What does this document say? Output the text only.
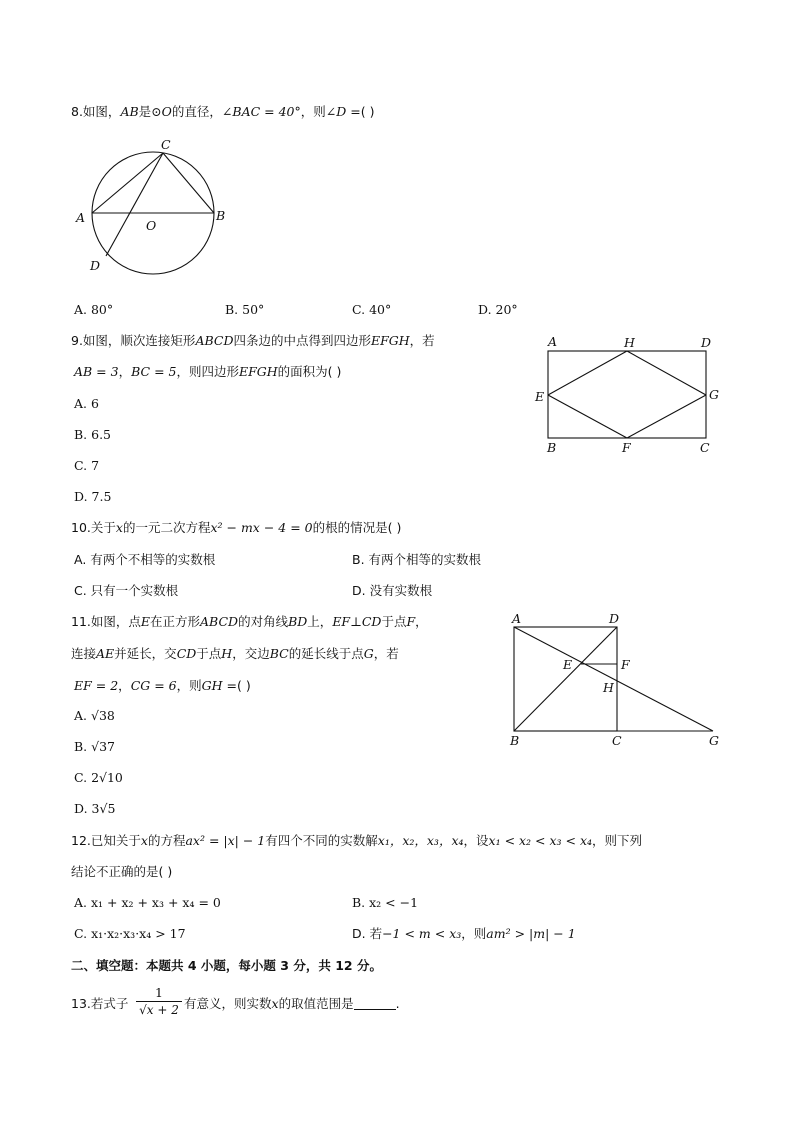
8.如图，AB是⊙O的直径，∠BAC = 40°，则∠D =( )
C
A	B
O
D
A. 80°	B. 50°	C. 40°	D. 20°
9.如图，顺次连接矩形ABCD四条边的中点得到四边形EFGH，若
AB = 3，BC = 5，则四边形EFGH的面积为( )
A	H	D
E	G
B	F	C
A. 6
B. 6.5
C. 7
D. 7.5
10.关于x的一元二次方程x² − mx − 4 = 0的根的情况是( )
A. 有两个不相等的实数根	B. 有两个相等的实数根
C. 只有一个实数根	D. 没有实数根
11.如图，点E在正方形ABCD的对角线BD上，EF⊥CD于点F，
连接AE并延长，交CD于点H，交边BC的延长线于点G，若
EF = 2，CG = 6，则GH =( )
A	D
E	F
H
B	C	G
A. √38
B. √37
C. 2√10
D. 3√5
12.已知关于x的方程ax² = |x| − 1有四个不同的实数解x₁，x₂，x₃，x₄，设x₁ < x₂ < x₃ < x₄，则下列
结论不正确的是( )
A. x₁ + x₂ + x₃ + x₄ = 0	B. x₂ < −1
C. x₁·x₂·x₃·x₄ > 17	D. 若−1 < m < x₃，则am² > |m| − 1
二、填空题：本题共 4 小题，每小题 3 分，共 12 分。
13.若式子
1
√x + 2 有意义，则实数x的取值范围是	.
